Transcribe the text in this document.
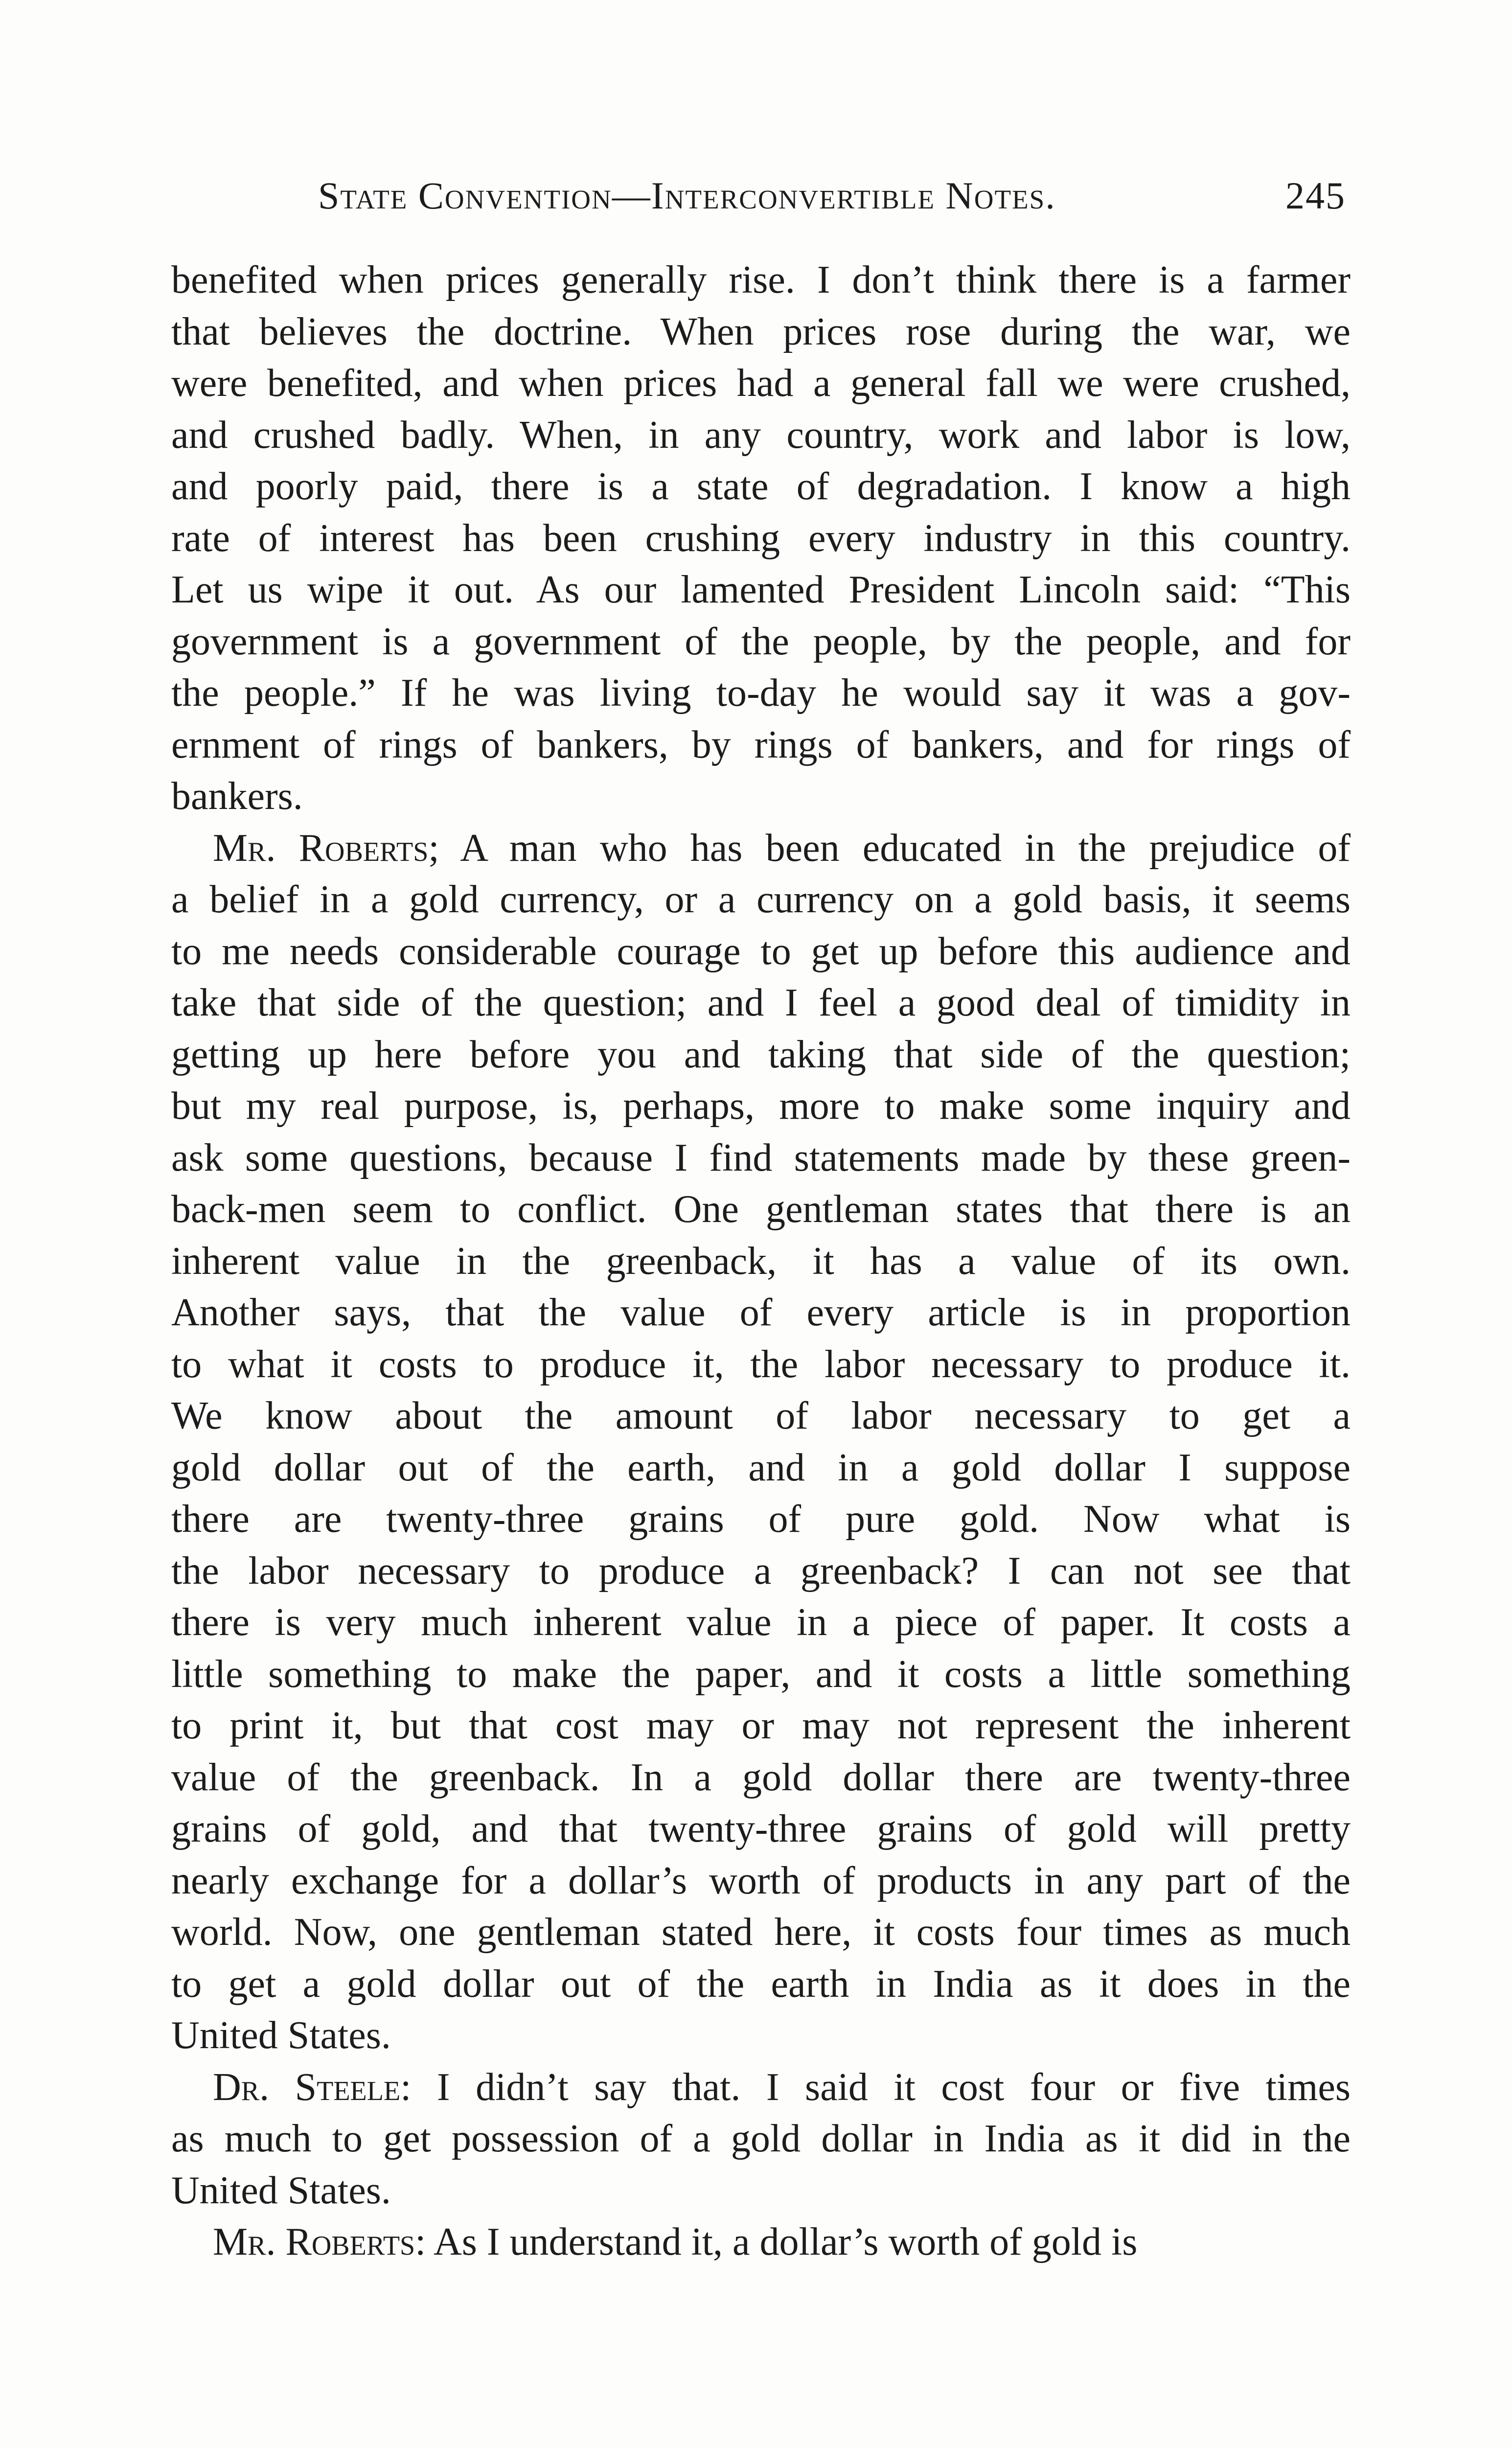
State Convention—Interconvertible Notes.	245
benefited when prices generally rise. I don’t think there is a farmer
that believes the doctrine. When prices rose during the war, we
were benefited, and when prices had a general fall we were crushed,
and crushed badly. When, in any country, work and labor is low,
and poorly paid, there is a state of degradation. I know a high
rate of interest has been crushing every industry in this country.
Let us wipe it out. As our lamented President Lincoln said: “This
government is a government of the people, by the people, and for
the people.” If he was living to-day he would say it was a gov-
ernment of rings of bankers, by rings of bankers, and for rings of
bankers.
Mr. Roberts; A man who has been educated in the prejudice of
a belief in a gold currency, or a currency on a gold basis, it seems
to me needs considerable courage to get up before this audience and
take that side of the question; and I feel a good deal of timidity in
getting up here before you and taking that side of the question;
but my real purpose, is, perhaps, more to make some inquiry and
ask some questions, because I find statements made by these green-
back-men seem to conflict. One gentleman states that there is an
inherent value in the greenback, it has a value of its own.
Another says, that the value of every article is in proportion
to what it costs to produce it, the labor necessary to produce it.
We know about the amount of labor necessary to get a
gold dollar out of the earth, and in a gold dollar I suppose
there are twenty-three grains of pure gold. Now what is
the labor necessary to produce a greenback? I can not see that
there is very much inherent value in a piece of paper. It costs a
little something to make the paper, and it costs a little something
to print it, but that cost may or may not represent the inherent
value of the greenback. In a gold dollar there are twenty-three
grains of gold, and that twenty-three grains of gold will pretty
nearly exchange for a dollar’s worth of products in any part of the
world. Now, one gentleman stated here, it costs four times as much
to get a gold dollar out of the earth in India as it does in the
United States.
Dr. Steele: I didn’t say that. I said it cost four or five times
as much to get possession of a gold dollar in India as it did in the
United States.
Mr. Roberts: As I understand it, a dollar’s worth of gold is
